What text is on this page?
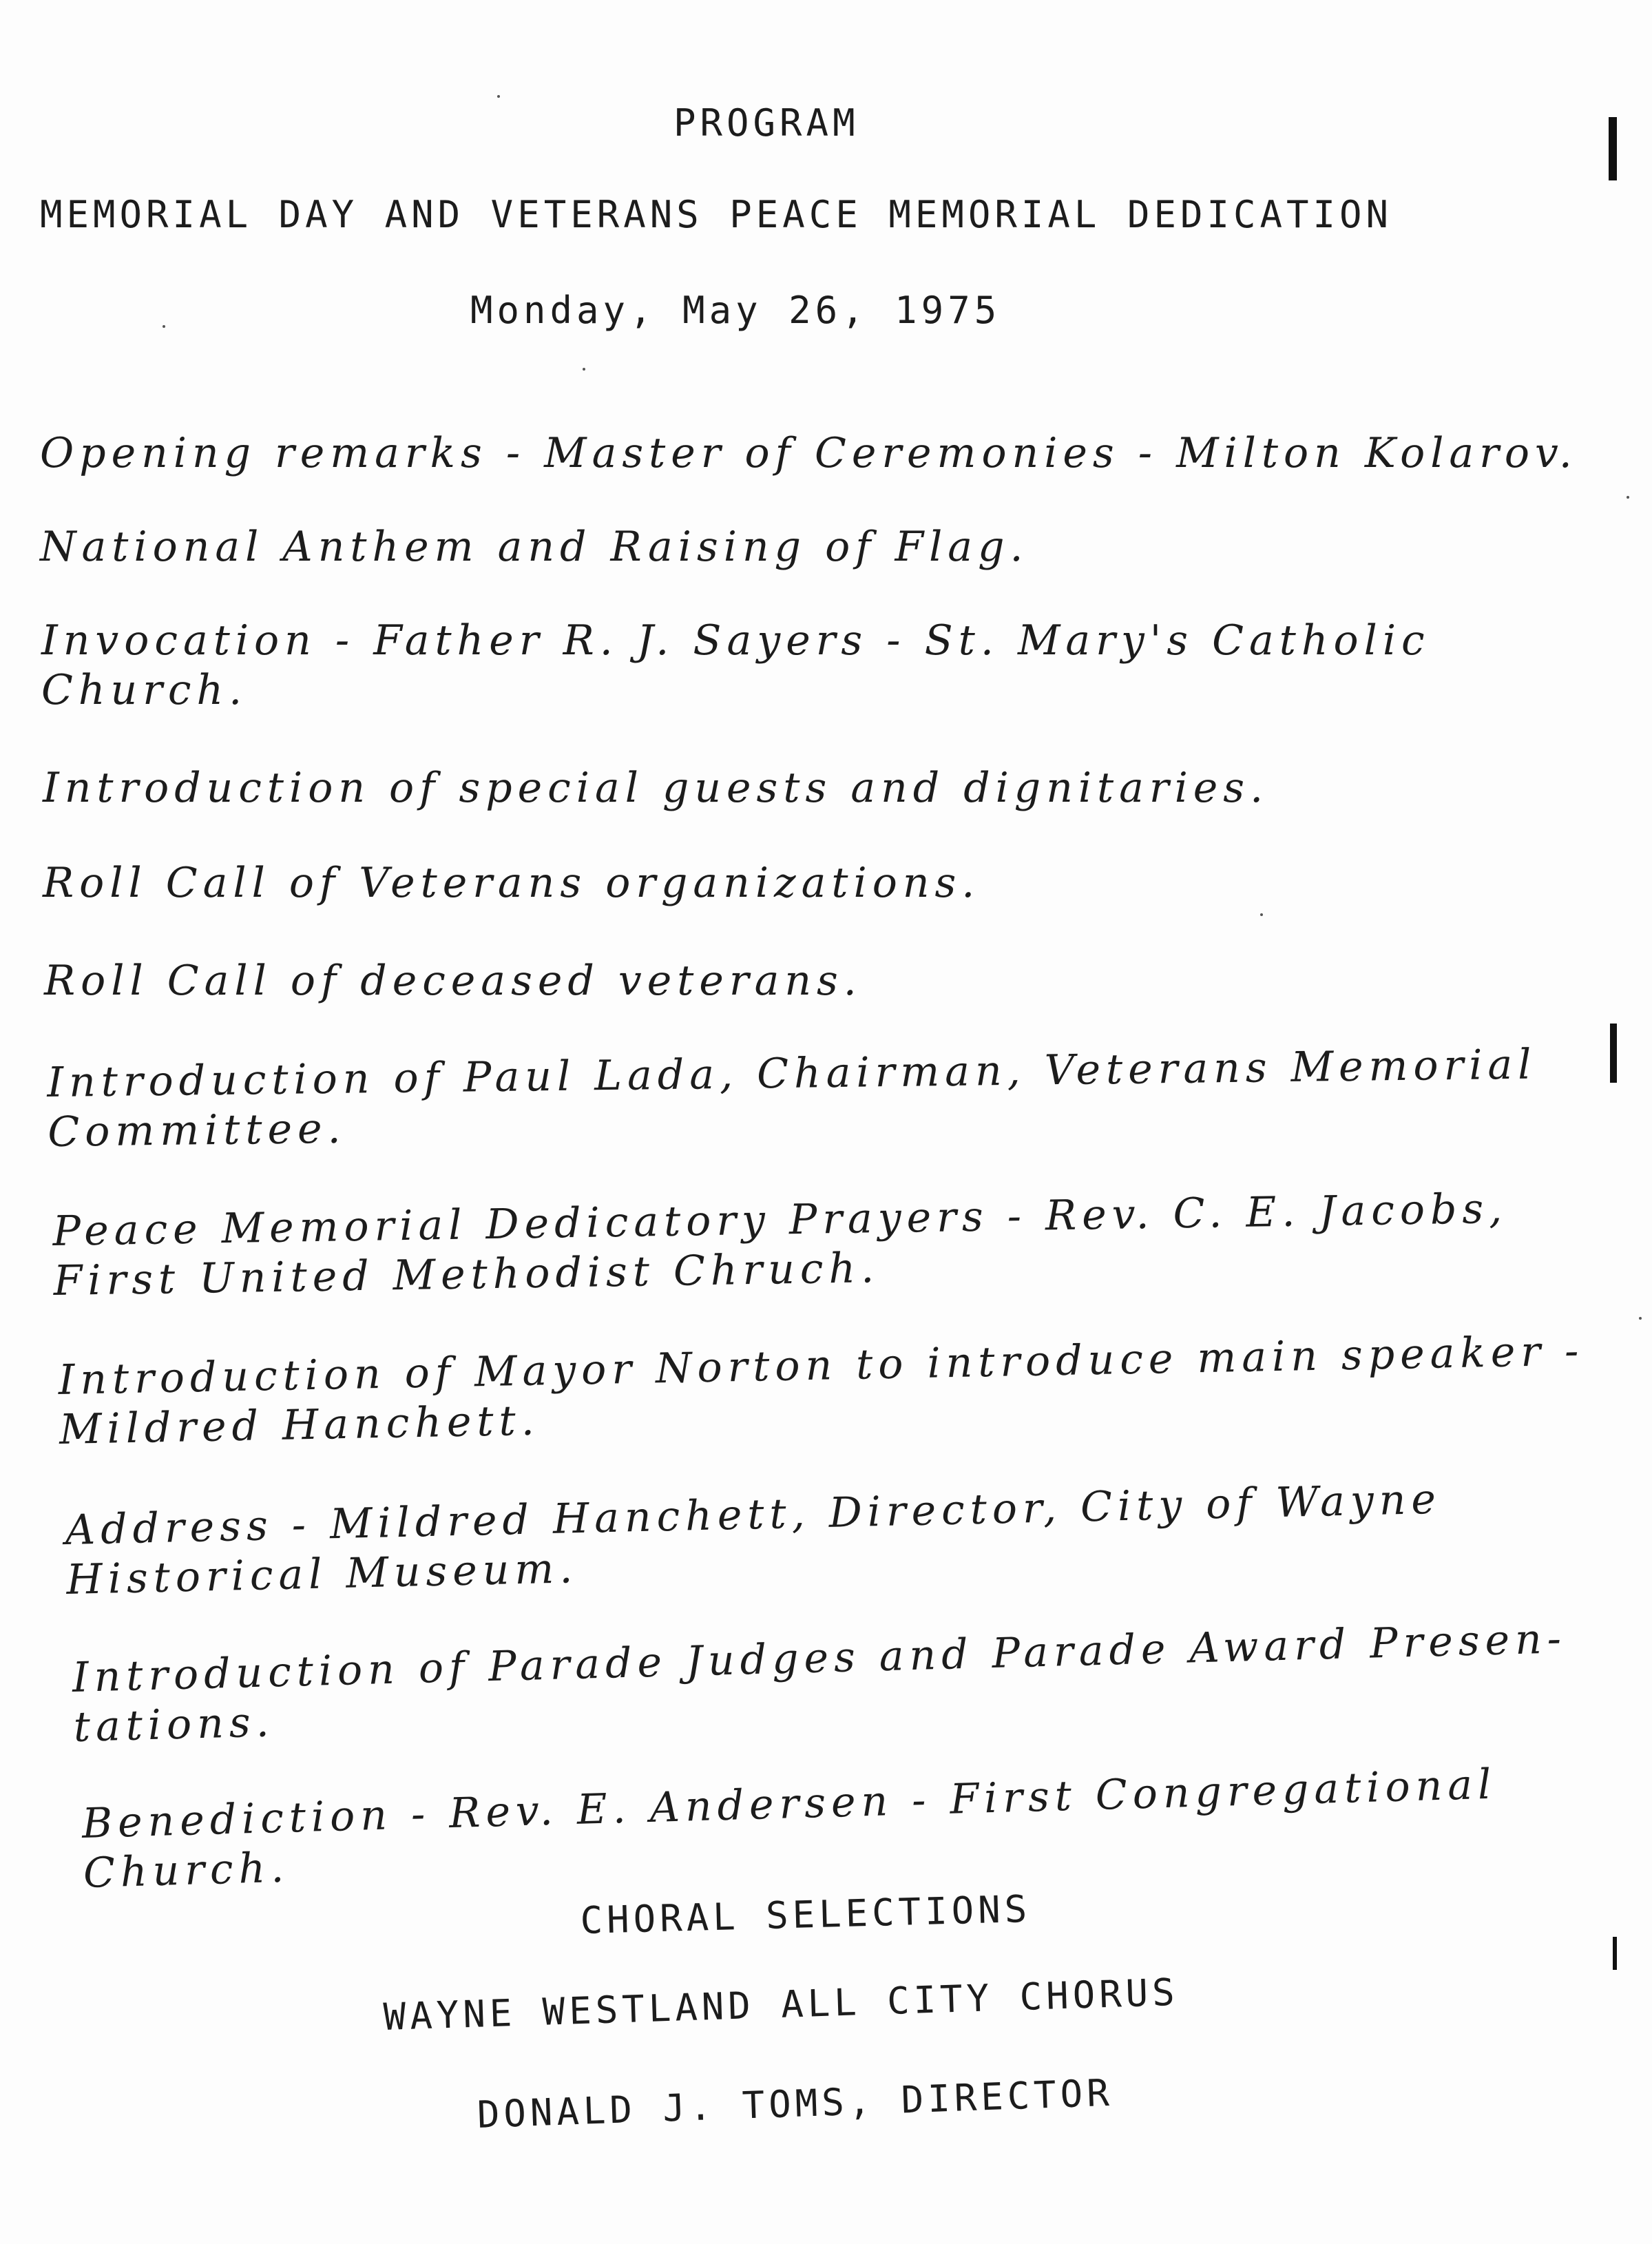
PROGRAM
MEMORIAL DAY AND VETERANS PEACE MEMORIAL DEDICATION
Monday, May 26, 1975
Opening remarks - Master of Ceremonies - Milton Kolarov.
National Anthem and Raising of Flag.
Invocation - Father R. J. Sayers - St. Mary's Catholic
Church.
Introduction of special guests and dignitaries.
Roll Call of Veterans organizations.
Roll Call of deceased veterans.
Introduction of Paul Lada, Chairman, Veterans Memorial
Committee.
Peace Memorial Dedicatory Prayers - Rev. C. E. Jacobs,
First United Methodist Chruch.
Introduction of Mayor Norton to introduce main speaker -
Mildred Hanchett.
Address - Mildred Hanchett, Director, City of Wayne
Historical Museum.
Introduction of Parade Judges and Parade Award Presen-
tations.
Benediction - Rev. E. Andersen - First Congregational
Church.
CHORAL SELECTIONS
WAYNE WESTLAND ALL CITY CHORUS
DONALD J. TOMS, DIRECTOR
